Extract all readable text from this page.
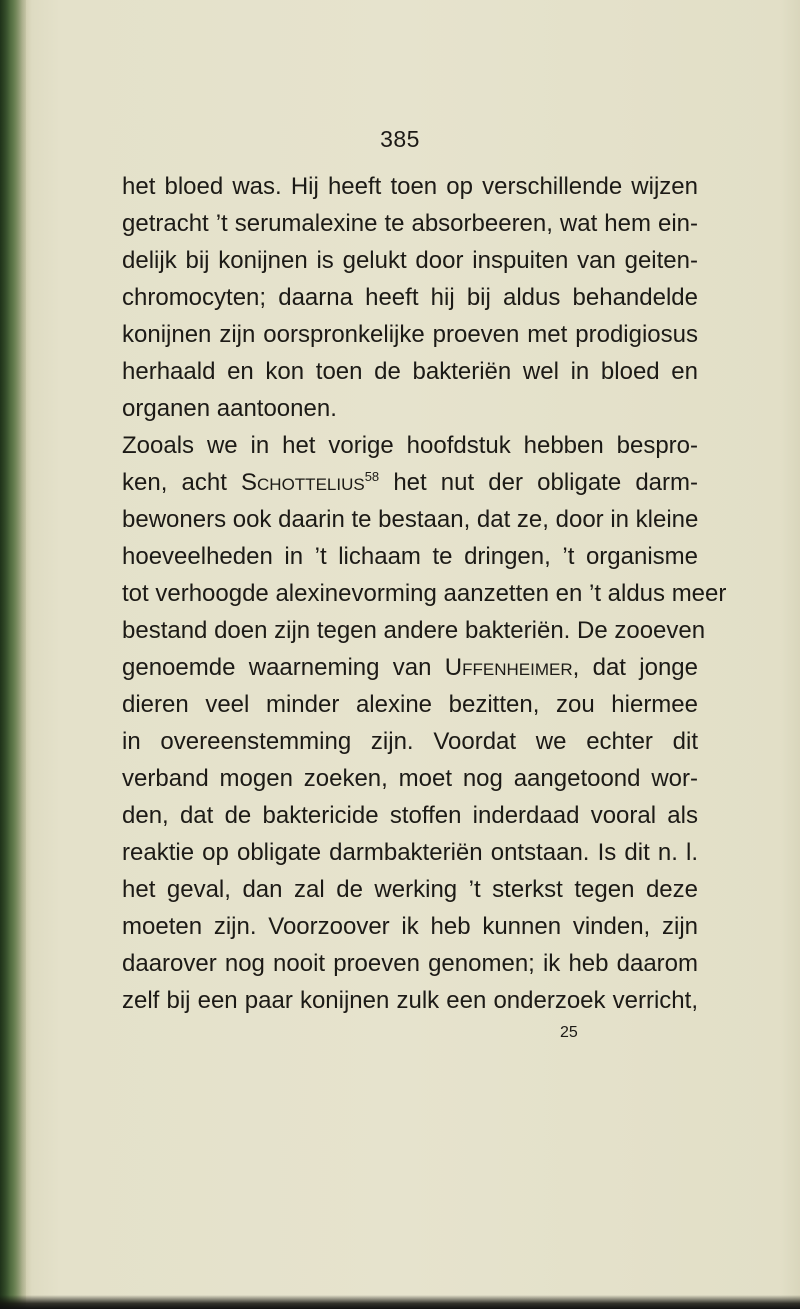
385
het bloed was. Hij heeft toen op verschillende wijzen
getracht ’t serumalexine te absorbeeren, wat hem ein-
delijk bij konijnen is gelukt door inspuiten van geiten-
chromocyten; daarna heeft hij bij aldus behandelde
konijnen zijn oorspronkelijke proeven met prodigiosus
herhaald en kon toen de bakteriën wel in bloed en
organen aantoonen.
Zooals we in het vorige hoofdstuk hebben bespro-
ken, acht Schottelius$^{58}$ het nut der obligate darm-
bewoners ook daarin te bestaan, dat ze, door in kleine
hoeveelheden in ’t lichaam te dringen, ’t organisme
tot verhoogde alexinevorming aanzetten en ’t aldus meer
bestand doen zijn tegen andere bakteriën. De zooeven
genoemde waarneming van Uffenheimer, dat jonge
dieren veel minder alexine bezitten, zou hiermee
in overeenstemming zijn. Voordat we echter dit
verband mogen zoeken, moet nog aangetoond wor-
den, dat de baktericide stoffen inderdaad vooral als
reaktie op obligate darmbakteriën ontstaan. Is dit n. l.
het geval, dan zal de werking ’t sterkst tegen deze
moeten zijn. Voorzoover ik heb kunnen vinden, zijn
daarover nog nooit proeven genomen; ik heb daarom
zelf bij een paar konijnen zulk een onderzoek verricht,
25
